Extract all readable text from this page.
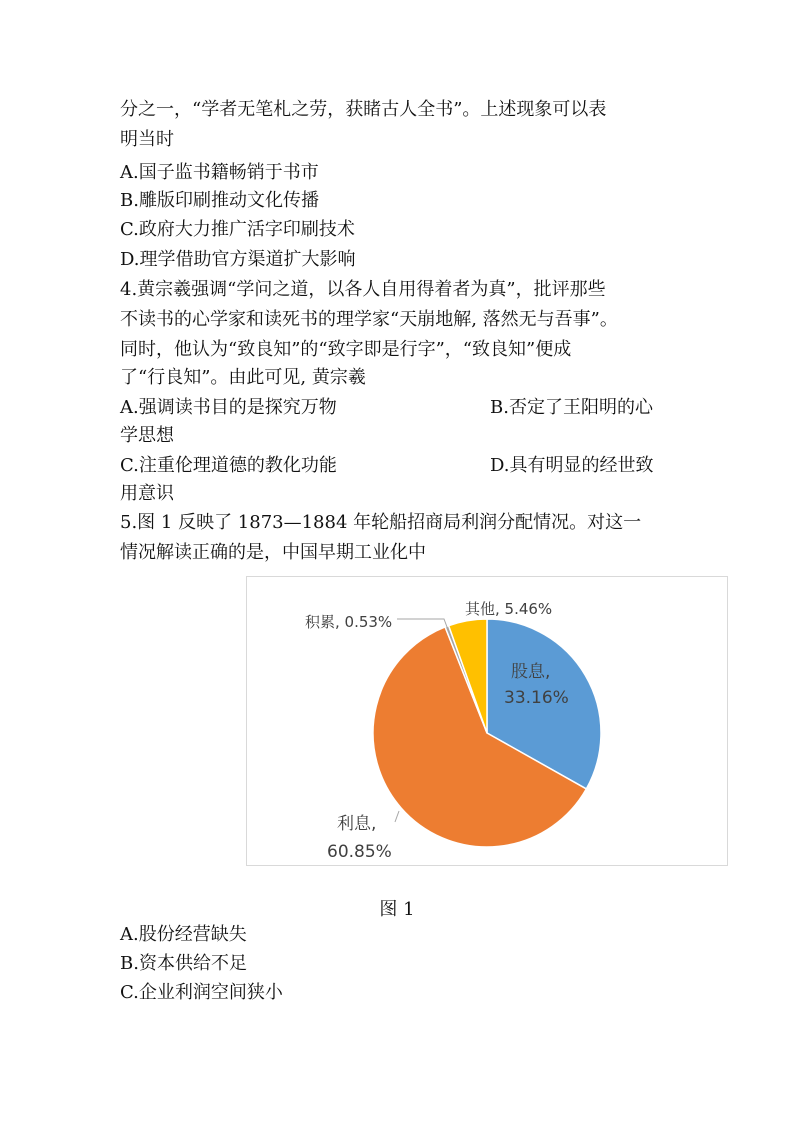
分之一，“学者无笔札之劳，获睹古人全书”。上述现象可以表
明当时
A.国子监书籍畅销于书市
B.雕版印刷推动文化传播
C.政府大力推广活字印刷技术
D.理学借助官方渠道扩大影响
4.黄宗羲强调“学问之道，以各人自用得着者为真”，批评那些
不读书的心学家和读死书的理学家“天崩地解, 落然无与吾事”。
同时，他认为“致良知”的“致字即是行字”，“致良知”便成
了“行良知”。由此可见, 黄宗羲
A.强调读书目的是探究万物	B.否定了王阳明的心
学思想
C.注重伦理道德的教化功能	D.具有明显的经世致
用意识
5.图 1 反映了 1873—1884 年轮船招商局利润分配情况。对这一
情况解读正确的是，中国早期工业化中
其他, 5.46%
积累, 0.53%
股息,
33.16%
利息,
60.85%
图 1
A.股份经营缺失
B.资本供给不足
C.企业利润空间狭小
